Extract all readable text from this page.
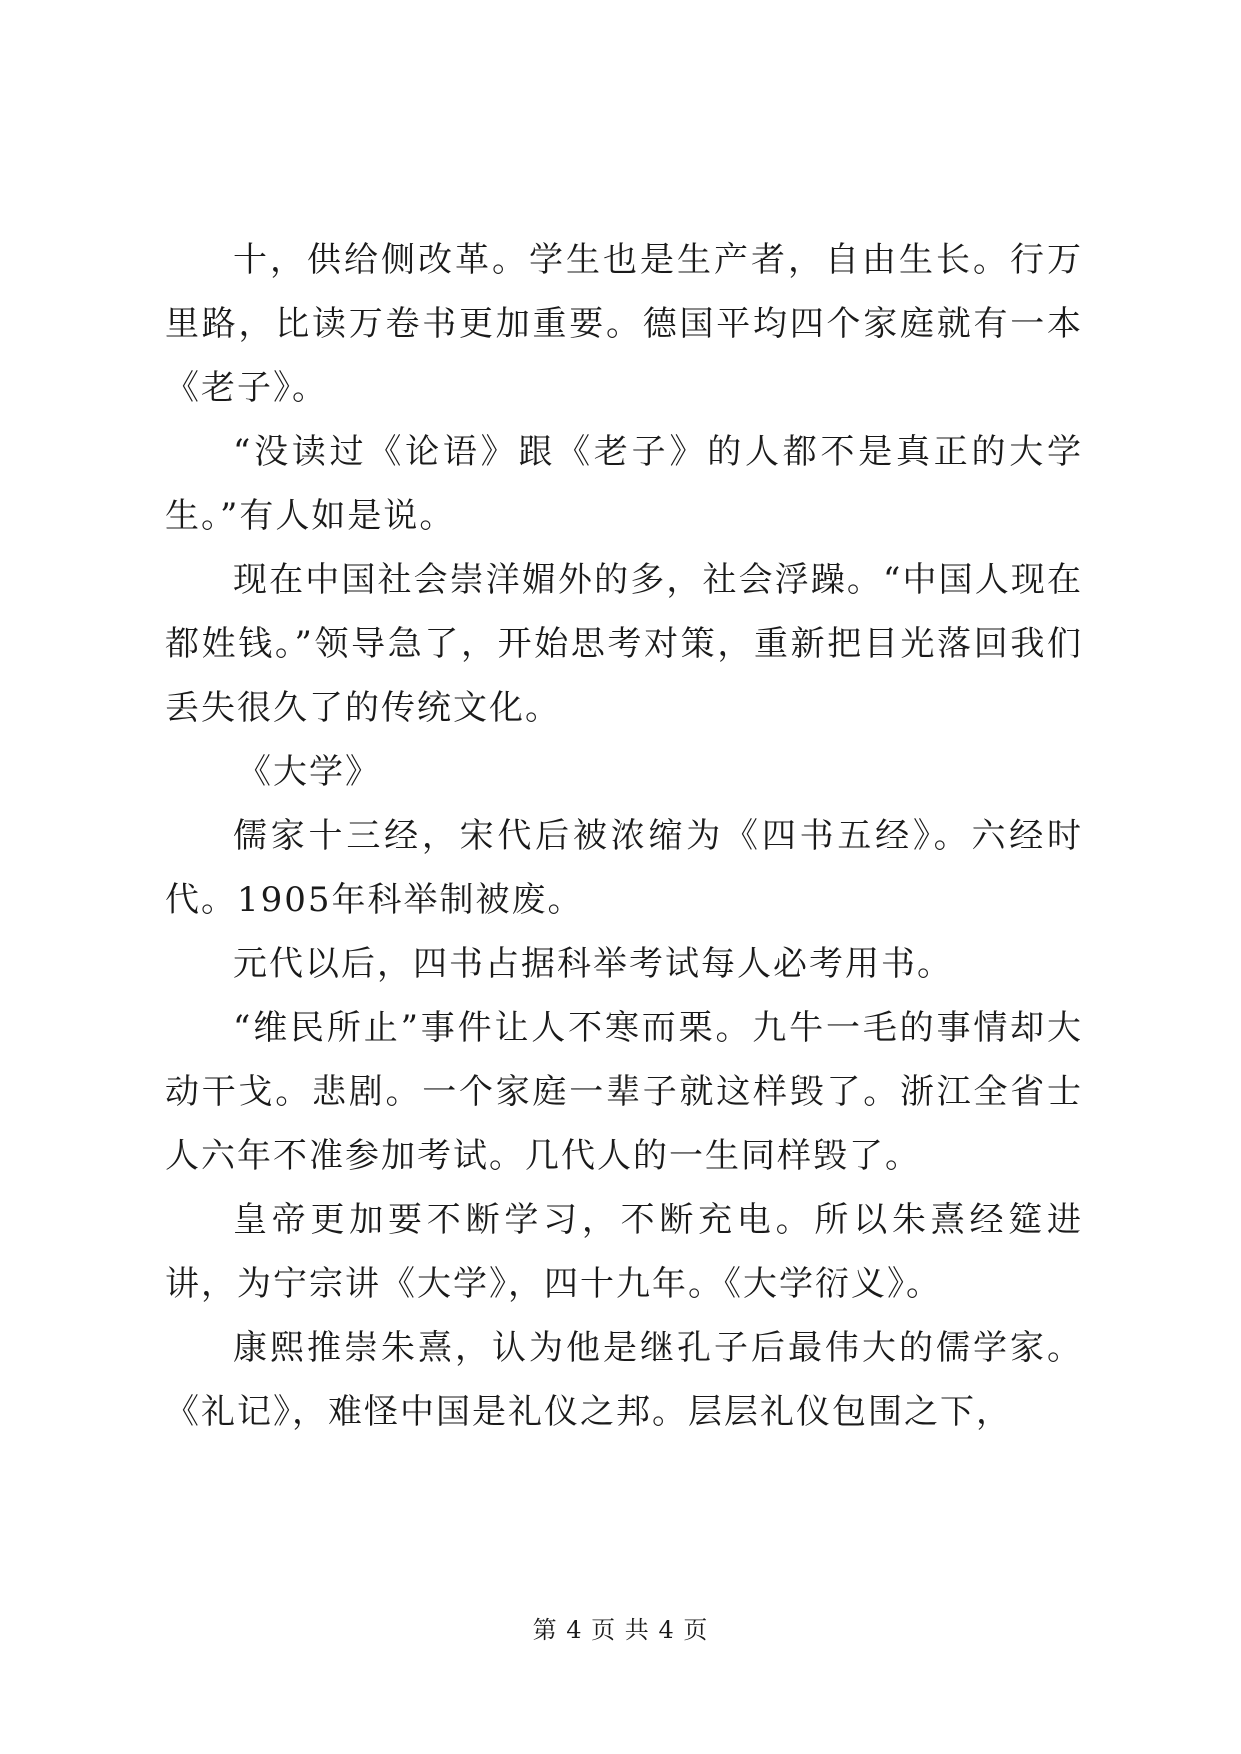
十，供给侧改革。学生也是生产者，自由生长。行万里路，比读万卷书更加重要。德国平均四个家庭就有一本《老子》。

“没读过《论语》跟《老子》的人都不是真正的大学生。”有人如是说。

现在中国社会崇洋媚外的多，社会浮躁。“中国人现在都姓钱。”领导急了，开始思考对策，重新把目光落回我们丢失很久了的传统文化。

《大学》

儒家十三经，宋代后被浓缩为《四书五经》。六经时代。1905年科举制被废。

元代以后，四书占据科举考试每人必考用书。

“维民所止”事件让人不寒而栗。九牛一毛的事情却大动干戈。悲剧。一个家庭一辈子就这样毁了。浙江全省士人六年不准参加考试。几代人的一生同样毁了。

皇帝更加要不断学习，不断充电。所以朱熹经筵进讲，为宁宗讲《大学》，四十九年。《大学衍义》。

康熙推崇朱熹，认为他是继孔子后最伟大的儒学家。《礼记》，难怪中国是礼仪之邦。层层礼仪包围之下，

第 4 页 共 4 页
